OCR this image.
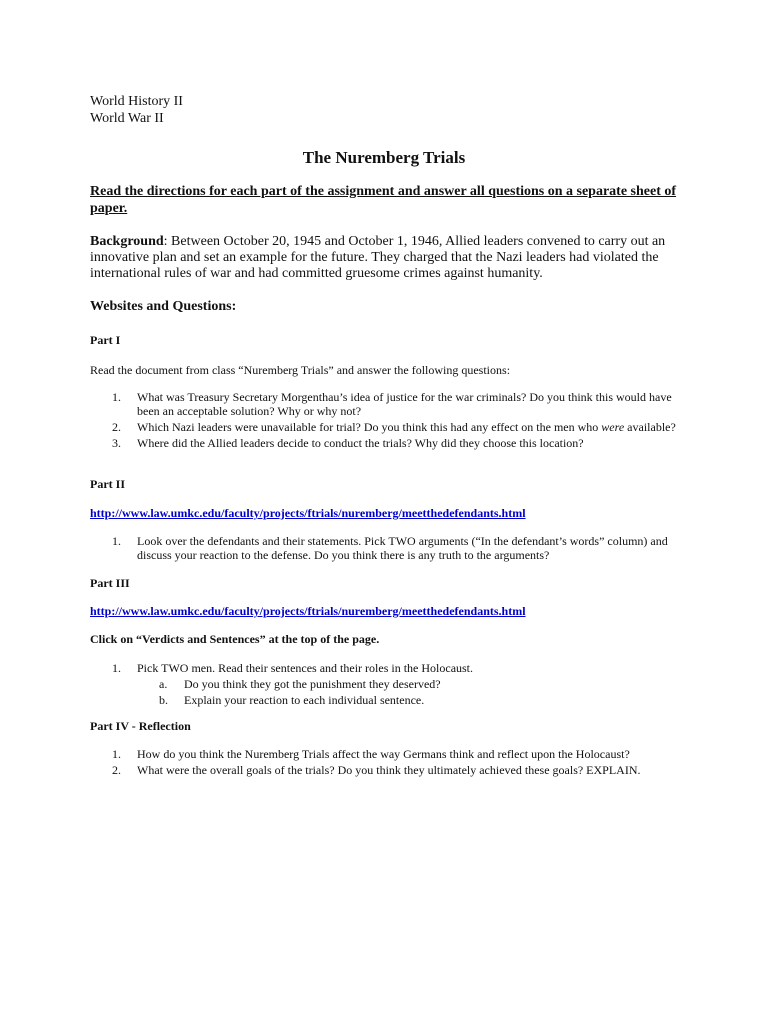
World History II
World War II
The Nuremberg Trials
Read the directions for each part of the assignment and answer all questions on a separate sheet of paper.
Background: Between October 20, 1945 and October 1, 1946, Allied leaders convened to carry out an innovative plan and set an example for the future. They charged that the Nazi leaders had violated the international rules of war and had committed gruesome crimes against humanity.
Websites and Questions:
Part I
Read the document from class “Nuremberg Trials” and answer the following questions:
1. What was Treasury Secretary Morgenthau’s idea of justice for the war criminals? Do you think this would have been an acceptable solution? Why or why not?
2. Which Nazi leaders were unavailable for trial? Do you think this had any effect on the men who were available?
3. Where did the Allied leaders decide to conduct the trials? Why did they choose this location?
Part II
http://www.law.umkc.edu/faculty/projects/ftrials/nuremberg/meetthedefendants.html
1. Look over the defendants and their statements. Pick TWO arguments (“In the defendant’s words” column) and discuss your reaction to the defense. Do you think there is any truth to the arguments?
Part III
http://www.law.umkc.edu/faculty/projects/ftrials/nuremberg/meetthedefendants.html
Click on “Verdicts and Sentences” at the top of the page.
1. Pick TWO men. Read their sentences and their roles in the Holocaust.
a. Do you think they got the punishment they deserved?
b. Explain your reaction to each individual sentence.
Part IV - Reflection
1. How do you think the Nuremberg Trials affect the way Germans think and reflect upon the Holocaust?
2. What were the overall goals of the trials? Do you think they ultimately achieved these goals? EXPLAIN.
